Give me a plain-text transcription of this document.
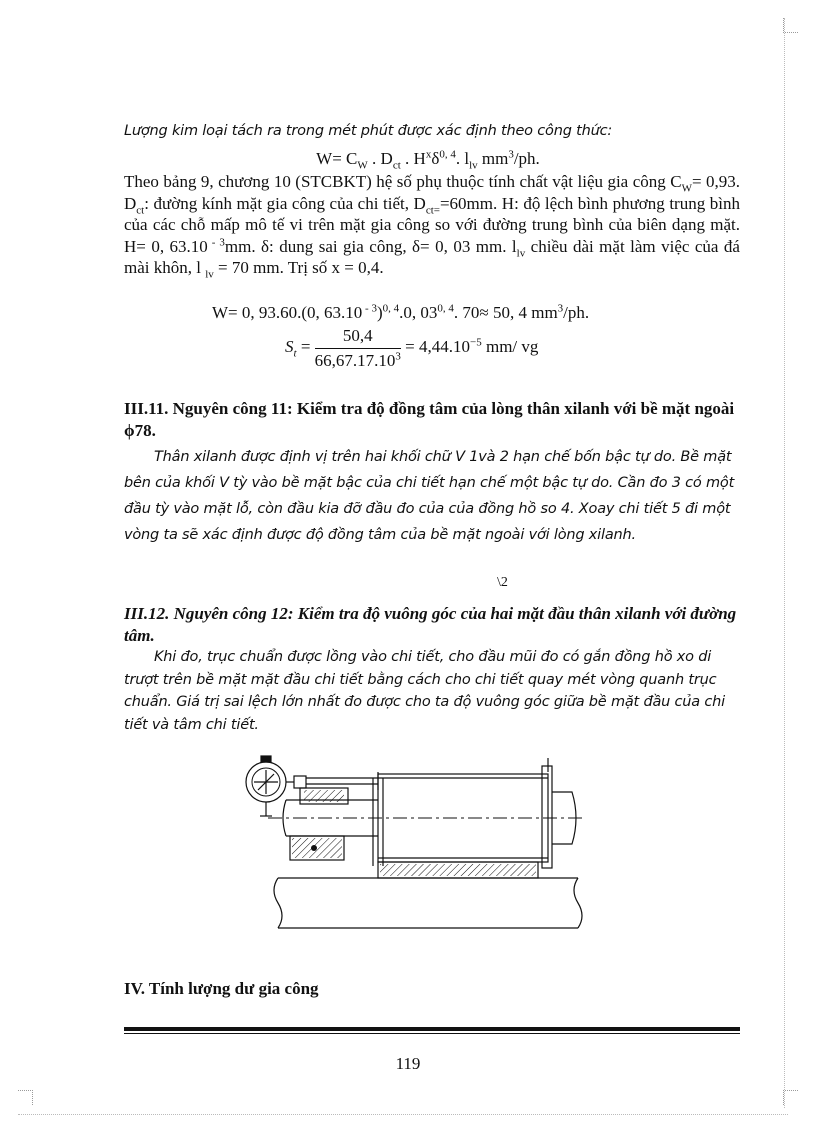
Lượng kim loại tách ra trong mét phút được xác định theo công thức:
$W= C_W$ . $D_{ct}$ . $H^x\delta^{0, 4}$. $l_{lv}$ $mm^3/ph$.
Theo bảng 9, chương 10 (STCBKT) hệ số phụ thuộc tính chất vật liệu gia công $C_W= 0,93$. $D_{ct}$: đường kính mặt gia công của chi tiết, $D_{ct=}=60mm$. H: độ lệch bình phương trung bình của các chỗ mấp mô tế vi trên mặt gia công so với đường trung bình của biên dạng mặt. H= 0, 63.10 $^{- 3}$mm. δ: dung sai gia công, δ= 0, 03 mm. $l_{lv}$ chiều dài mặt làm việc của đá mài khôn, l $_{lv}$ = 70 mm. Trị số x = 0,4.
W= 0, 93.60.(0, 63.10 $^{- 3}$)$^{0, 4}$.0, 03$^{0, 4}$. 70≈ 50, 4 $mm^3/ph$.
$S_t = \frac{50,4}{66,67.17.10^3} = 4,44.10^{-5}$ mm/ vg
III.11. Nguyên công 11: Kiểm tra độ đồng tâm của lòng thân xilanh với bề mặt ngoài ϕ78.
Thân xilanh được định vị trên hai khối chữ V 1và 2 hạn chế bốn bậc tự do. Bề mặt bên của khối V tỳ vào bề mặt bậc của chi tiết hạn chế một bậc tự do. Cần đo 3 có một đầu tỳ vào mặt lỗ, còn đầu kia đỡ đầu đo của của đồng hồ so 4. Xoay chi tiết 5 đi một vòng ta sẽ xác định được độ đồng tâm của bề mặt ngoài với lòng xilanh.
\2
III.12. Nguyên công 12: Kiểm tra độ vuông góc của hai mặt đầu thân xilanh với đường tâm.
Khi đo, trục chuẩn được lồng vào chi tiết, cho đầu mũi đo có gắn đồng hồ xo di trượt trên bề mặt mặt đầu chi tiết bằng cách cho chi tiết quay mét vòng quanh trục chuẩn. Giá trị sai lệch lớn nhất đo được cho ta độ vuông góc giữa bề mặt đầu của chi tiết và tâm chi tiết.
IV. Tính lượng dư gia công
119
